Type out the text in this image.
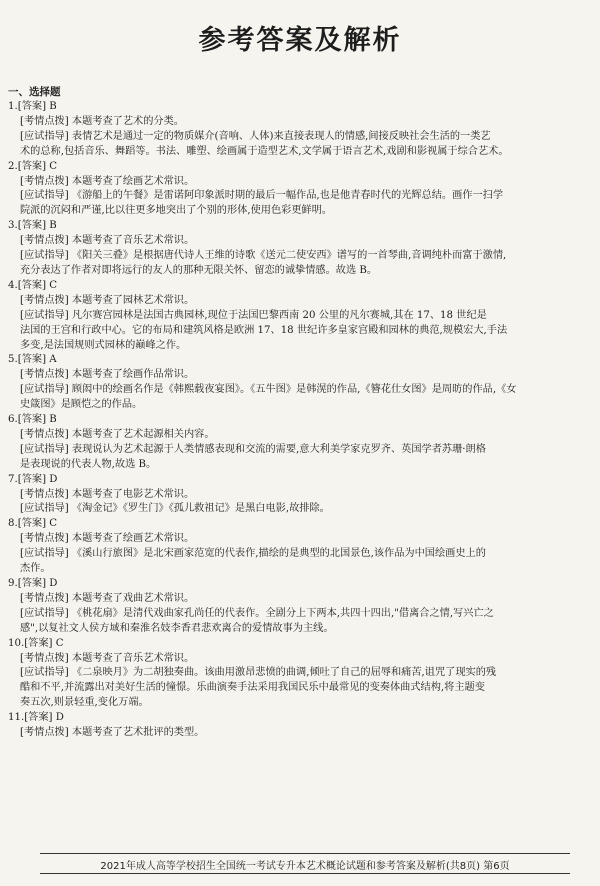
参考答案及解析
一、选择题
1.[答案] B
[考情点拨] 本题考查了艺术的分类。
[应试指导] 表情艺术是通过一定的物质媒介(音响、人体)来直接表现人的情感,间接反映社会生活的一类艺
术的总称,包括音乐、舞蹈等。书法、雕塑、绘画属于造型艺术,文学属于语言艺术,戏剧和影视属于综合艺术。
2.[答案] C
[考情点拨] 本题考查了绘画艺术常识。
[应试指导] 《游船上的午餐》是雷诺阿印象派时期的最后一幅作品,也是他青春时代的光辉总结。画作一扫学
院派的沉闷和严谨,比以往更多地突出了个别的形体,使用色彩更鲜明。
3.[答案] B
[考情点拨] 本题考查了音乐艺术常识。
[应试指导] 《阳关三叠》是根据唐代诗人王维的诗歌《送元二使安西》谱写的一首琴曲,音调纯朴而富于激情,
充分表达了作者对即将远行的友人的那种无限关怀、留恋的诚挚情感。故选 B。
4.[答案] C
[考情点拨] 本题考查了园林艺术常识。
[应试指导] 凡尔赛宫园林是法国古典园林,现位于法国巴黎西南 20 公里的凡尔赛城,其在 17、18 世纪是
法国的王宫和行政中心。它的布局和建筑风格是欧洲 17、18 世纪许多皇家宫殿和园林的典范,规模宏大,手法
多变,是法国规则式园林的巅峰之作。
5.[答案] A
[考情点拨] 本题考查了绘画作品常识。
[应试指导] 顾闳中的绘画名作是《韩熙载夜宴图》。《五牛图》是韩滉的作品,《簪花仕女图》是周昉的作品,《女
史箴图》是顾恺之的作品。
6.[答案] B
[考情点拨] 本题考查了艺术起源相关内容。
[应试指导] 表现说认为艺术起源于人类情感表现和交流的需要,意大利美学家克罗齐、英国学者苏珊·朗格
是表现说的代表人物,故选 B。
7.[答案] D
[考情点拨] 本题考查了电影艺术常识。
[应试指导] 《淘金记》《罗生门》《孤儿救祖记》是黑白电影,故排除。
8.[答案] C
[考情点拨] 本题考查了绘画艺术常识。
[应试指导] 《溪山行旅图》是北宋画家范宽的代表作,描绘的是典型的北国景色,该作品为中国绘画史上的
杰作。
9.[答案] D
[考情点拨] 本题考查了戏曲艺术常识。
[应试指导] 《桃花扇》是清代戏曲家孔尚任的代表作。全剧分上下两本,共四十四出,"借离合之情,写兴亡之
感",以复社文人侯方域和秦淮名妓李香君悲欢离合的爱情故事为主线。
10.[答案] C
[考情点拨] 本题考查了音乐艺术常识。
[应试指导] 《二泉映月》为二胡独奏曲。该曲用激昂悲愤的曲调,倾吐了自己的屈辱和痛苦,诅咒了现实的残
酷和不平,并流露出对美好生活的憧憬。乐曲演奏手法采用我国民乐中最常见的变奏体曲式结构,将主题变
奏五次,则景轻重,变化万端。
11.[答案] D
[考情点拨] 本题考查了艺术批评的类型。
2021年成人高等学校招生全国统一考试专升本艺术概论试题和参考答案及解析(共8页) 第6页
